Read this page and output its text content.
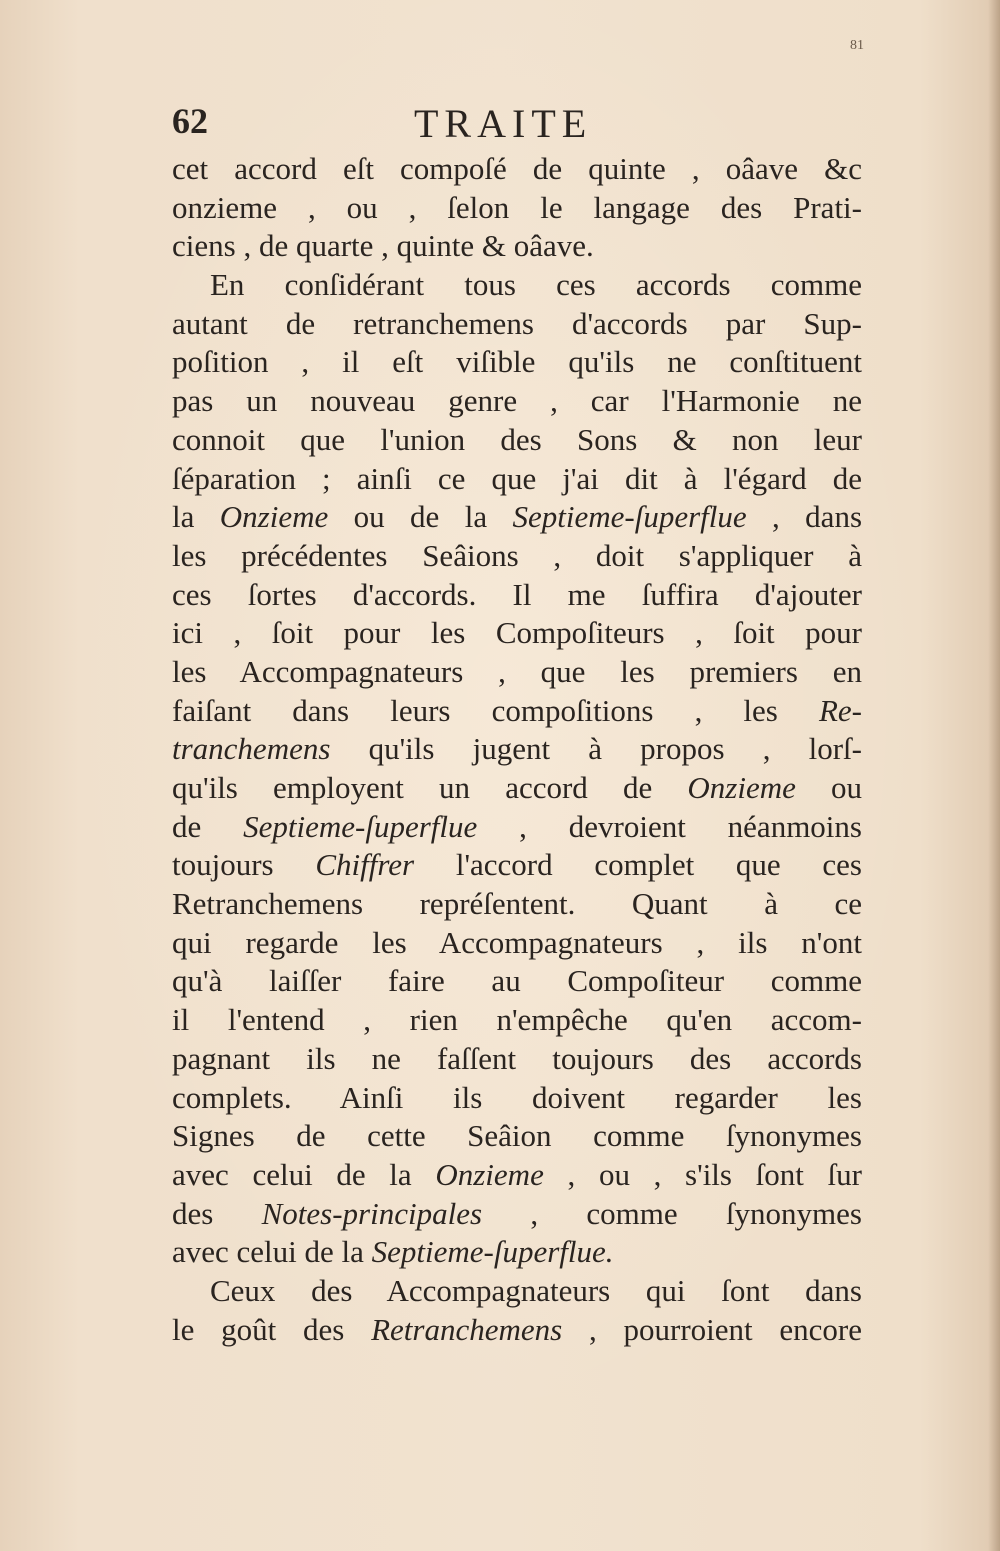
81
62	TRAITE
cet accord eſt compoſé de quinte , oâave &c
onzieme , ou , ſelon le langage des Prati-
ciens , de quarte , quinte & oâave.
En conſidérant tous ces accords comme
autant de retranchemens d'accords par Sup-
poſition , il eſt viſible qu'ils ne conſtituent
pas un nouveau genre , car l'Harmonie ne
connoit que l'union des Sons & non leur
ſéparation ; ainſi ce que j'ai dit à l'égard de
la Onzieme ou de la Septieme-ſuperflue , dans
les précédentes Seâions , doit s'appliquer à
ces ſortes d'accords. Il me ſuffira d'ajouter
ici , ſoit pour les Compoſiteurs , ſoit pour
les Accompagnateurs , que les premiers en
faiſant dans leurs compoſitions , les Re-
tranchemens qu'ils jugent à propos , lorſ-
qu'ils employent un accord de Onzieme ou
de Septieme-ſuperflue , devroient néanmoins
toujours Chiffrer l'accord complet que ces
Retranchemens repréſentent. Quant à ce
qui regarde les Accompagnateurs , ils n'ont
qu'à laiſſer faire au Compoſiteur comme
il l'entend , rien n'empêche qu'en accom-
pagnant ils ne faſſent toujours des accords
complets. Ainſi ils doivent regarder les
Signes de cette Seâion comme ſynonymes
avec celui de la Onzieme , ou , s'ils ſont ſur
des Notes-principales , comme ſynonymes
avec celui de la Septieme-ſuperflue.
Ceux des Accompagnateurs qui ſont dans
le goût des Retranchemens , pourroient encore
